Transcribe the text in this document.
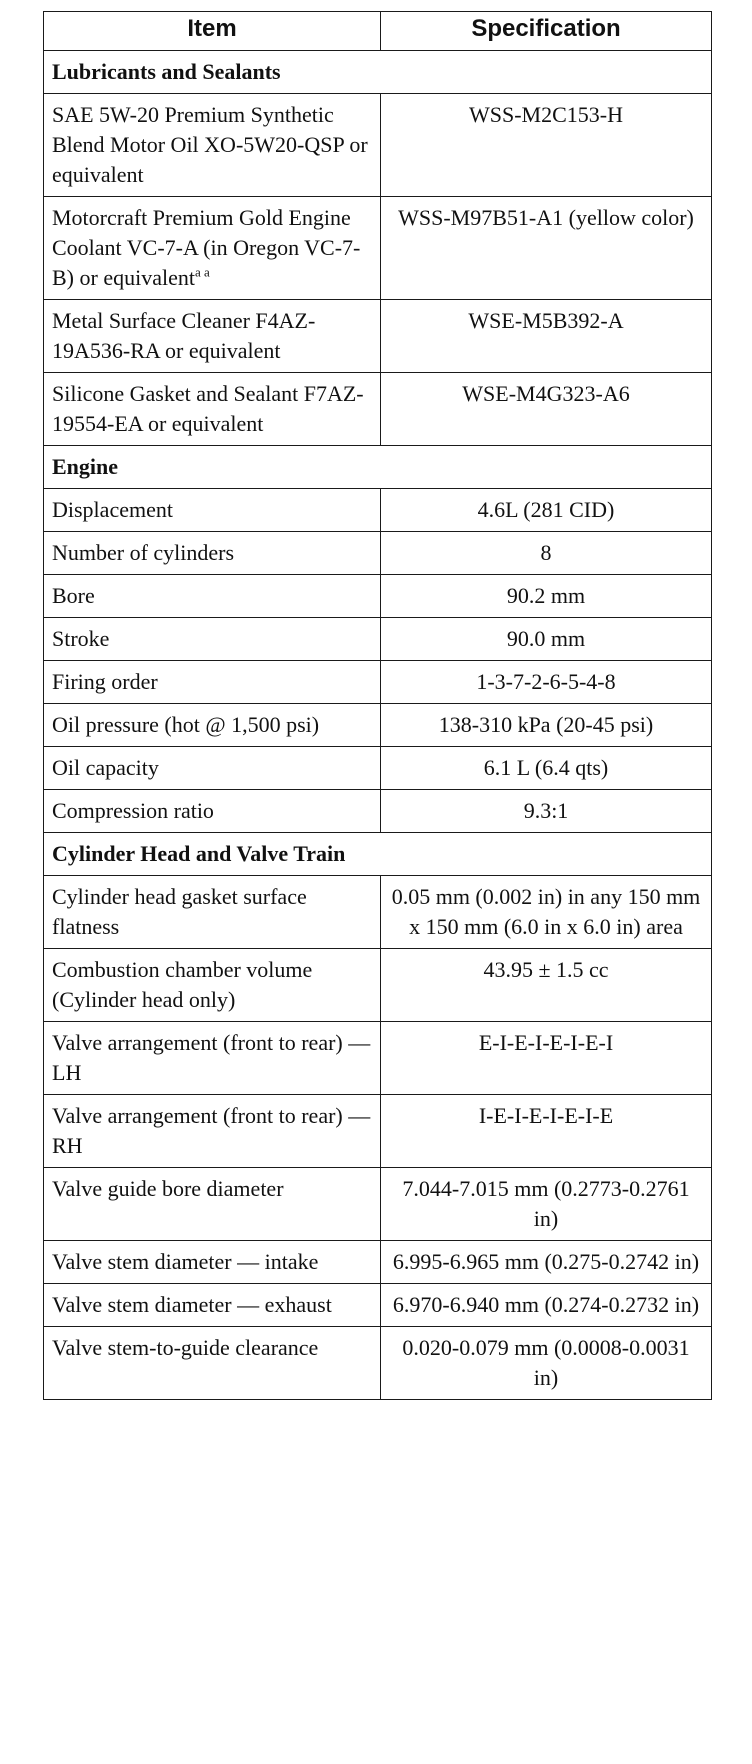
Item	Specification
Lubricants and Sealants	
SAE 5W-20 Premium Synthetic Blend Motor Oil XO-5W20-QSP or equivalent	WSS-M2C153-H
Motorcraft Premium Gold Engine Coolant VC-7-A (in Oregon VC-7-B) or equivalent$^{a a}$	WSS-M97B51-A1 (yellow color)
Metal Surface Cleaner F4AZ-19A536-RA or equivalent	WSE-M5B392-A
Silicone Gasket and Sealant F7AZ-19554-EA or equivalent	WSE-M4G323-A6
Engine	
Displacement	4.6L (281 CID)
Number of cylinders	8
Bore	90.2 mm
Stroke	90.0 mm
Firing order	1-3-7-2-6-5-4-8
Oil pressure (hot @ 1,500 psi)	138-310 kPa (20-45 psi)
Oil capacity	6.1 L (6.4 qts)
Compression ratio	9.3:1
Cylinder Head and Valve Train	
Cylinder head gasket surface flatness	0.05 mm (0.002 in) in any 150 mm x 150 mm (6.0 in x 6.0 in) area
Combustion chamber volume (Cylinder head only)	43.95 ± 1.5 cc
Valve arrangement (front to rear) — LH	E-I-E-I-E-I-E-I
Valve arrangement (front to rear) — RH	I-E-I-E-I-E-I-E
Valve guide bore diameter	7.044-7.015 mm (0.2773-0.2761 in)
Valve stem diameter — intake	6.995-6.965 mm (0.275-0.2742 in)
Valve stem diameter — exhaust	6.970-6.940 mm (0.274-0.2732 in)
Valve stem-to-guide clearance	0.020-0.079 mm (0.0008-0.0031 in)
